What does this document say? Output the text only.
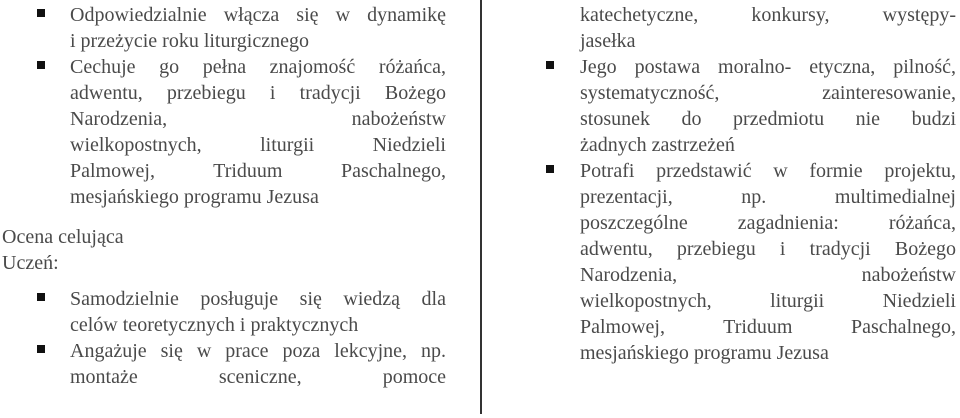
Odpowiedzialnie włącza się w dynamikę
i przeżycie roku liturgicznego
Cechuje go pełna znajomość różańca,
adwentu, przebiegu i tradycji Bożego
Narodzenia, nabożeństw
wielkopostnych, liturgii Niedzieli
Palmowej, Triduum Paschalnego,
mesjańskiego programu Jezusa

Ocena celująca

Uczeń:

Samodzielnie posługuje się wiedzą dla
celów teoretycznych i praktycznych
Angażuje się w prace poza lekcyjne, np.
montaże sceniczne, pomoce
katechetyczne, konkursy, występy-
jasełka
Jego postawa moralno- etyczna, pilność,
systematyczność, zainteresowanie,
stosunek do przedmiotu nie budzi
żadnych zastrzeżeń
Potrafi przedstawić w formie projektu,
prezentacji, np. multimedialnej
poszczególne zagadnienia: różańca,
adwentu, przebiegu i tradycji Bożego
Narodzenia, nabożeństw
wielkopostnych, liturgii Niedzieli
Palmowej, Triduum Paschalnego,
mesjańskiego programu Jezusa
